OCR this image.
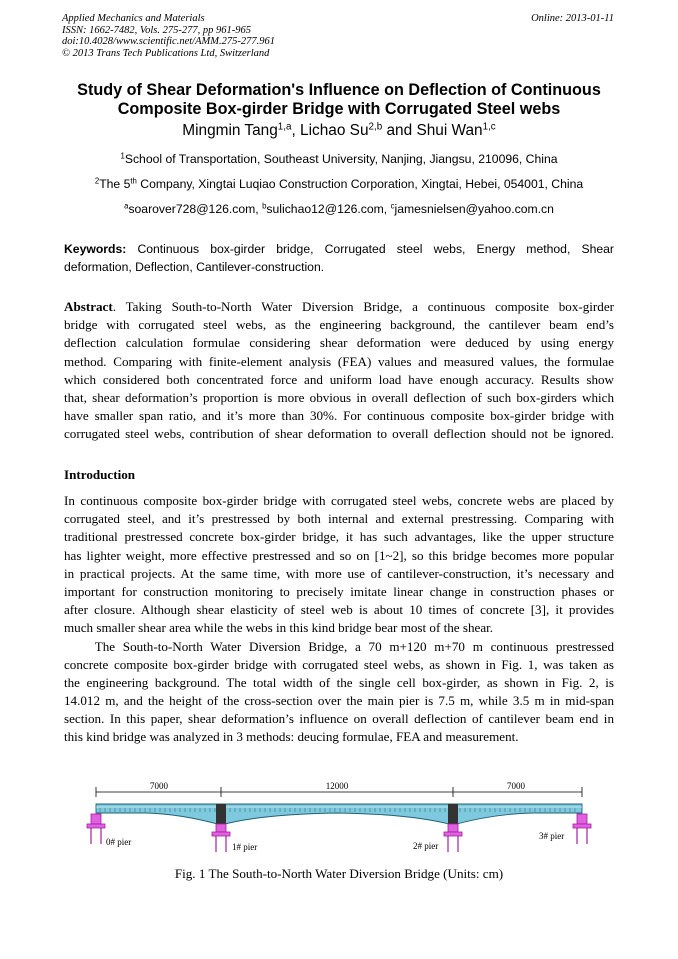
Applied Mechanics and Materials
ISSN: 1662-7482, Vols. 275-277, pp 961-965
doi:10.4028/www.scientific.net/AMM.275-277.961
© 2013 Trans Tech Publications Ltd, Switzerland
Online: 2013-01-11
Study of Shear Deformation's Influence on Deflection of Continuous
Composite Box-girder Bridge with Corrugated Steel webs
Mingmin Tang$^{1,a}$, Lichao Su$^{2,b}$ and Shui Wan$^{1,c}$
$^1$School of Transportation, Southeast University, Nanjing, Jiangsu, 210096, China
$^2$The 5th Company, Xingtai Luqiao Construction Corporation, Xingtai, Hebei, 054001, China
$^a$soarover728@126.com, $^b$sulichao12@126.com, $^c$jamesnielsen@yahoo.com.cn
Keywords: Continuous box-girder bridge, Corrugated steel webs, Energy method, Shear
deformation, Deflection, Cantilever-construction.
Abstract. Taking South-to-North Water Diversion Bridge, a continuous composite box-girder
bridge with corrugated steel webs, as the engineering background, the cantilever beam end’s
deflection calculation formulae considering shear deformation were deduced by using energy
method. Comparing with finite-element analysis (FEA) values and measured values, the formulae
which considered both concentrated force and uniform load have enough accuracy. Results show
that, shear deformation’s proportion is more obvious in overall deflection of such box-girders which
have smaller span ratio, and it’s more than 30%. For continuous composite box-girder bridge with
corrugated steel webs, contribution of shear deformation to overall deflection should not be ignored.
Introduction
In continuous composite box-girder bridge with corrugated steel webs, concrete webs are placed by
corrugated steel, and it’s prestressed by both internal and external prestressing. Comparing with
traditional prestressed concrete box-girder bridge, it has such advantages, like the upper structure
has lighter weight, more effective prestressed and so on [1~2], so this bridge becomes more popular
in practical projects. At the same time, with more use of cantilever-construction, it’s necessary and
important for construction monitoring to precisely imitate linear change in construction phases or
after closure. Although shear elasticity of steel web is about 10 times of concrete [3], it provides
much smaller shear area while the webs in this kind bridge bear most of the shear.
The South-to-North Water Diversion Bridge, a 70 m+120 m+70 m continuous prestressed
concrete composite box-girder bridge with corrugated steel webs, as shown in Fig. 1, was taken as
the engineering background. The total width of the single cell box-girder, as shown in Fig. 2, is
14.012 m, and the height of the cross-section over the main pier is 7.5 m, while 3.5 m in mid-span
section. In this paper, shear deformation’s influence on overall deflection of cantilever beam end in
this kind bridge was analyzed in 3 methods: deucing formulae, FEA and measurement.
7000	12000	7000
0# pier	1# pier	2# pier
3# pier
Fig. 1 The South-to-North Water Diversion Bridge (Units: cm)
